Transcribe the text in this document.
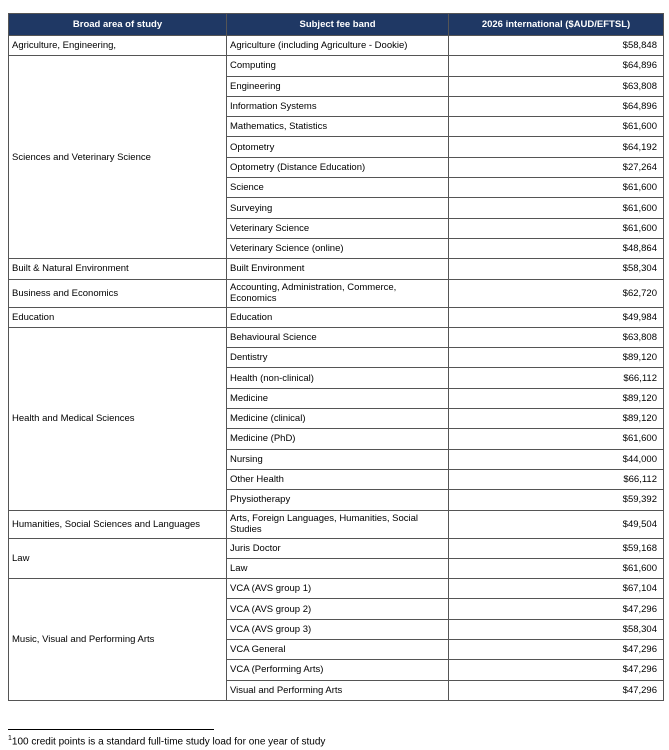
Broad area of study	Subject fee band	2026 international ($AUD/EFTSL)
Agriculture, Engineering,	Agriculture (including Agriculture - Dookie)	$58,848
Sciences and Veterinary Science	Computing	$64,896
	Engineering	$63,808
	Information Systems	$64,896
	Mathematics, Statistics	$61,600
	Optometry	$64,192
	Optometry (Distance Education)	$27,264
	Science	$61,600
	Surveying	$61,600
	Veterinary Science	$61,600
	Veterinary Science (online)	$48,864
Built & Natural Environment	Built Environment	$58,304
Business and Economics	Accounting, Administration, Commerce, Economics	$62,720
Education	Education	$49,984
Health and Medical Sciences	Behavioural Science	$63,808
	Dentistry	$89,120
	Health (non-clinical)	$66,112
	Medicine	$89,120
	Medicine (clinical)	$89,120
	Medicine (PhD)	$61,600
	Nursing	$44,000
	Other Health	$66,112
	Physiotherapy	$59,392
Humanities, Social Sciences and Languages	Arts, Foreign Languages, Humanities, Social Studies	$49,504
Law	Juris Doctor	$59,168
	Law	$61,600
Music, Visual and Performing Arts	VCA (AVS group 1)	$67,104
	VCA (AVS group 2)	$47,296
	VCA (AVS group 3)	$58,304
	VCA General	$47,296
	VCA (Performing Arts)	$47,296
	Visual and Performing Arts	$47,296
$^1$100 credit points is a standard full-time study load for one year of study
